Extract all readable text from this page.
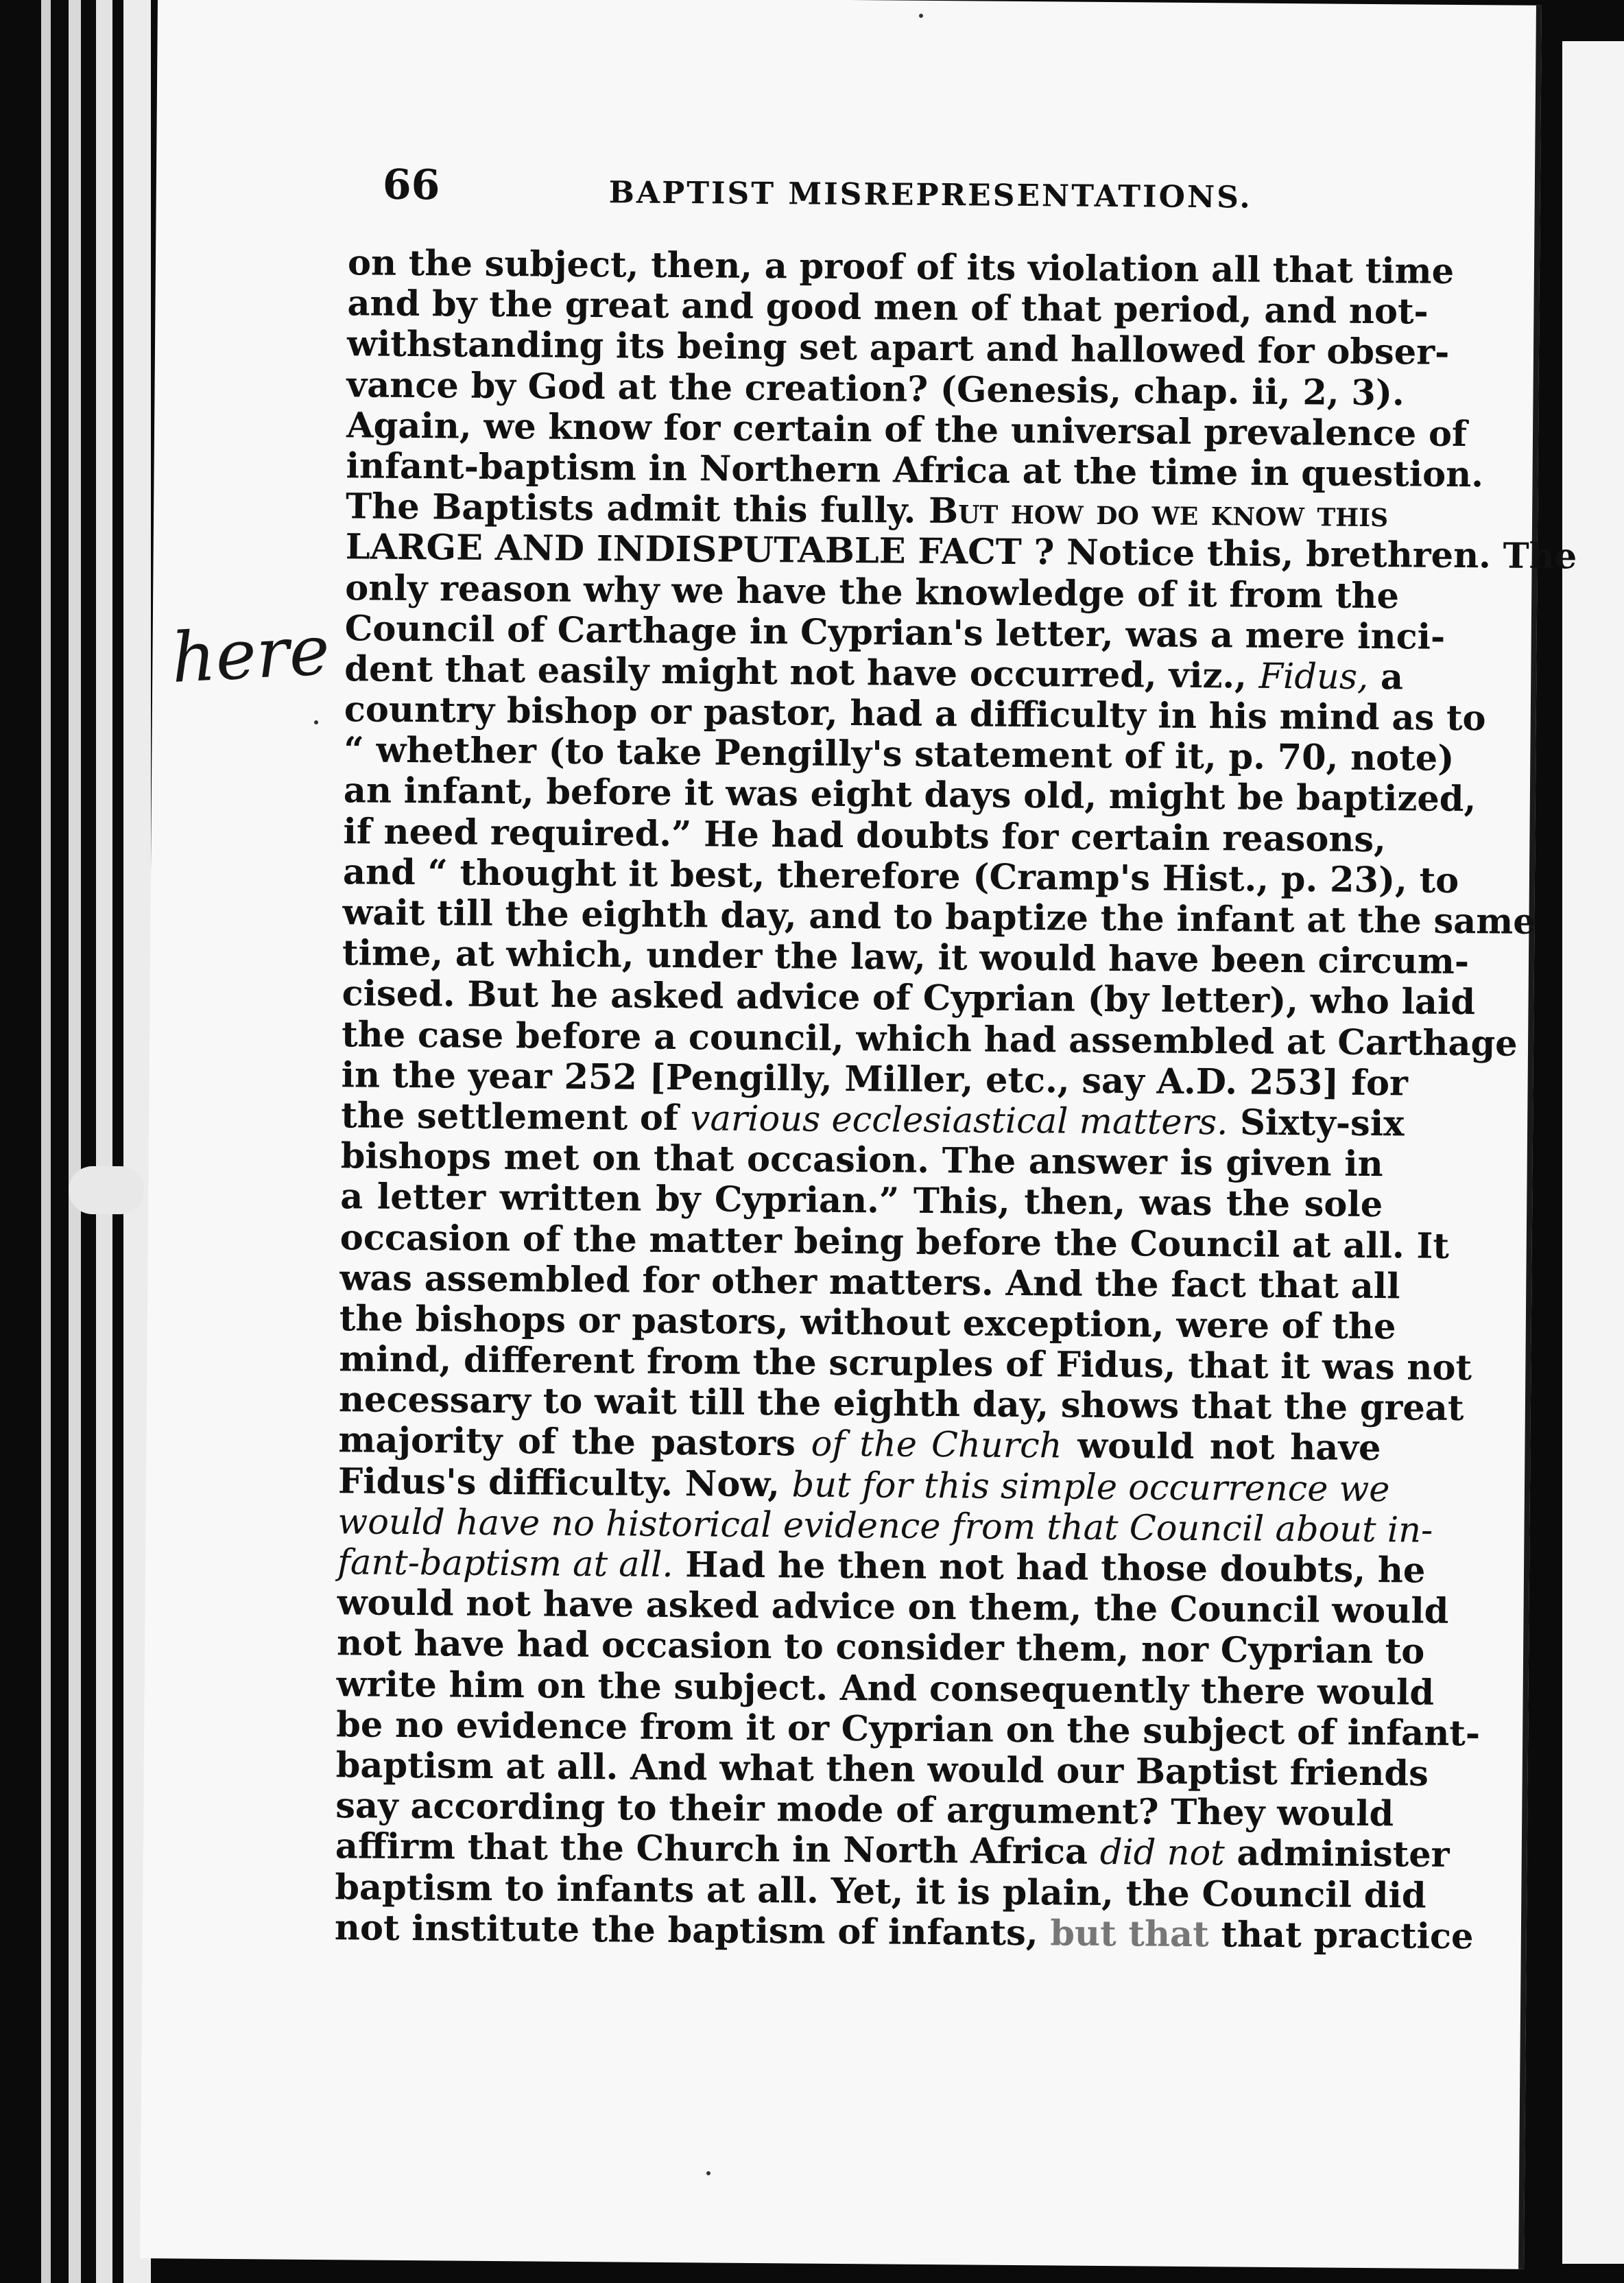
66	BAPTIST MISREPRESENTATIONS.
on the subject, then, a proof of its violation all that time
and by the great and good men of that period, and not-
withstanding its being set apart and hallowed for obser-
vance by God at the creation? (Genesis, chap. ii, 2, 3).
Again, we know for certain of the universal prevalence of
infant-baptism in Northern Africa at the time in question.
The Baptists admit this fully. But how do we know this
LARGE AND INDISPUTABLE FACT ? Notice this, brethren. The
only reason why we have the knowledge of it from the
Council of Carthage in Cyprian's letter, was a mere inci-
dent that easily might not have occurred, viz., Fidus, a
country bishop or pastor, had a difficulty in his mind as to
“ whether (to take Pengilly's statement of it, p. 70, note)
an infant, before it was eight days old, might be baptized,
if need required.” He had doubts for certain reasons,
and “ thought it best, therefore (Cramp's Hist., p. 23), to
wait till the eighth day, and to baptize the infant at the same
time, at which, under the law, it would have been circum-
cised. But he asked advice of Cyprian (by letter), who laid
the case before a council, which had assembled at Carthage
in the year 252 [Pengilly, Miller, etc., say A.D. 253] for
the settlement of various ecclesiastical matters. Sixty-six
bishops met on that occasion. The answer is given in
a letter written by Cyprian.” This, then, was the sole
occasion of the matter being before the Council at all. It
was assembled for other matters. And the fact that all
the bishops or pastors, without exception, were of the
mind, different from the scruples of Fidus, that it was not
necessary to wait till the eighth day, shows that the great
majority of the pastors of the Church would not have
Fidus's difficulty. Now, but for this simple occurrence we
would have no historical evidence from that Council about in-
fant-baptism at all. Had he then not had those doubts, he
would not have asked advice on them, the Council would
not have had occasion to consider them, nor Cyprian to
write him on the subject. And consequently there would
be no evidence from it or Cyprian on the subject of infant-
baptism at all. And what then would our Baptist friends
say according to their mode of argument? They would
affirm that the Church in North Africa did not administer
baptism to infants at all. Yet, it is plain, the Council did
not institute the baptism of infants, but that that practice
here
